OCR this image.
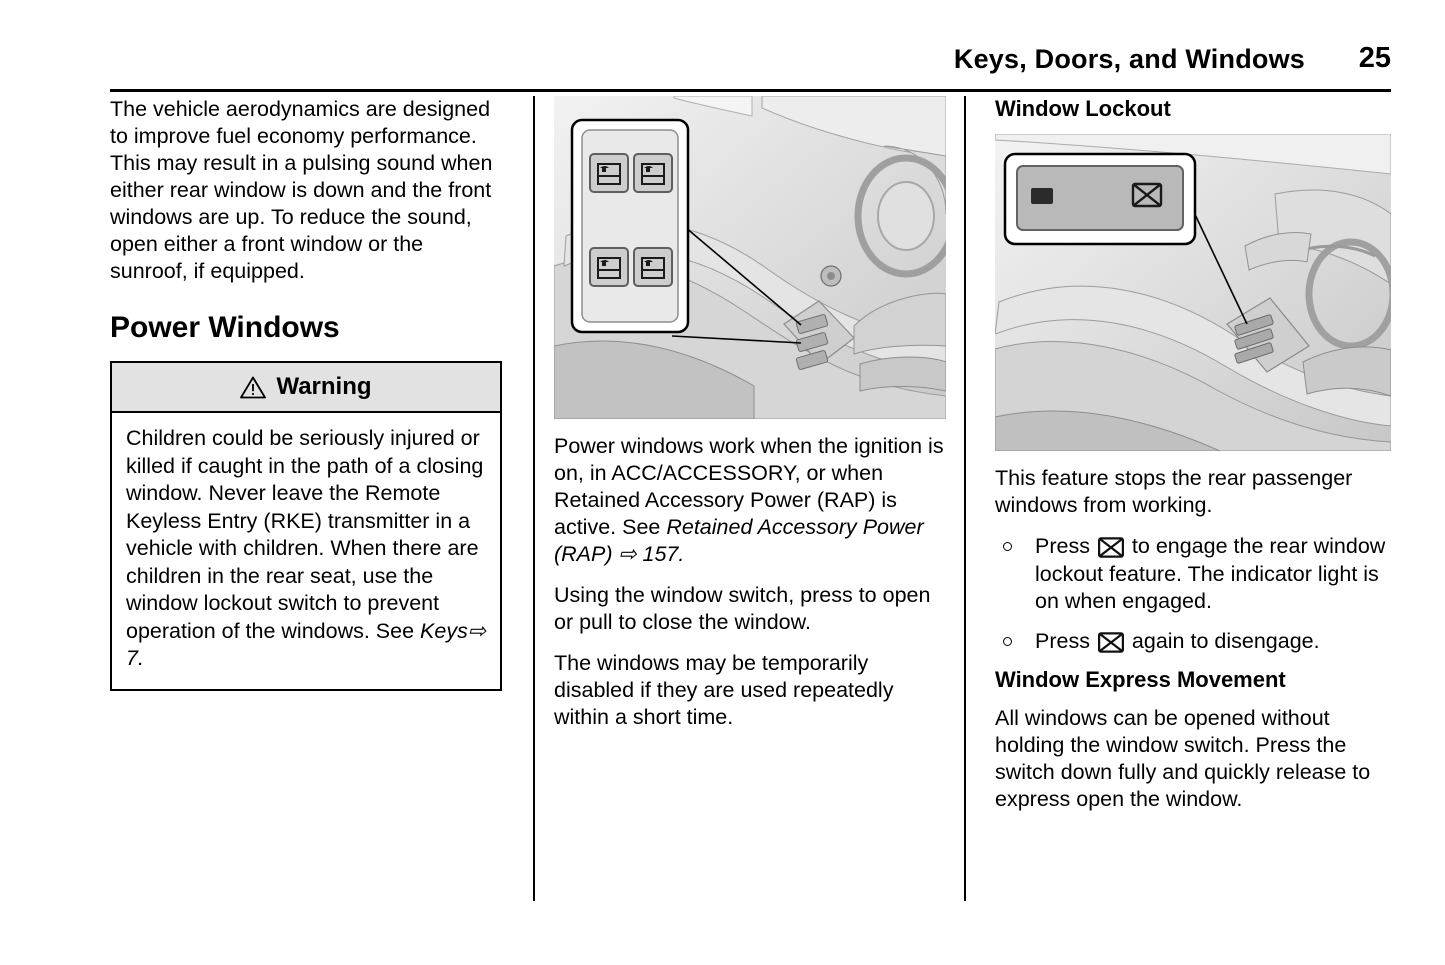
Keys, Doors, and Windows 25

The vehicle aerodynamics are designed to improve fuel economy performance. This may result in a pulsing sound when either rear window is down and the front windows are up. To reduce the sound, open either a front window or the sunroof, if equipped.

Power Windows
Warning
Children could be seriously injured or killed if caught in the path of a closing window. Never leave the Remote Keyless Entry (RKE) transmitter in a vehicle with children. When there are children in the rear seat, use the window lockout switch to prevent operation of the windows. See Keys⇨ 7.

Power windows work when the ignition is on, in ACC/ACCESSORY, or when Retained Accessory Power (RAP) is active. See Retained Accessory Power (RAP) ⇨ 157.

Using the window switch, press to open or pull to close the window.

The windows may be temporarily disabled if they are used repeatedly within a short time.

Window Lockout

This feature stops the rear passenger windows from working.

Press  to engage the rear window lockout feature. The indicator light is on when engaged.
Press  again to disengage.
Window Express Movement

All windows can be opened without holding the window switch. Press the switch down fully and quickly release to express open the window.
